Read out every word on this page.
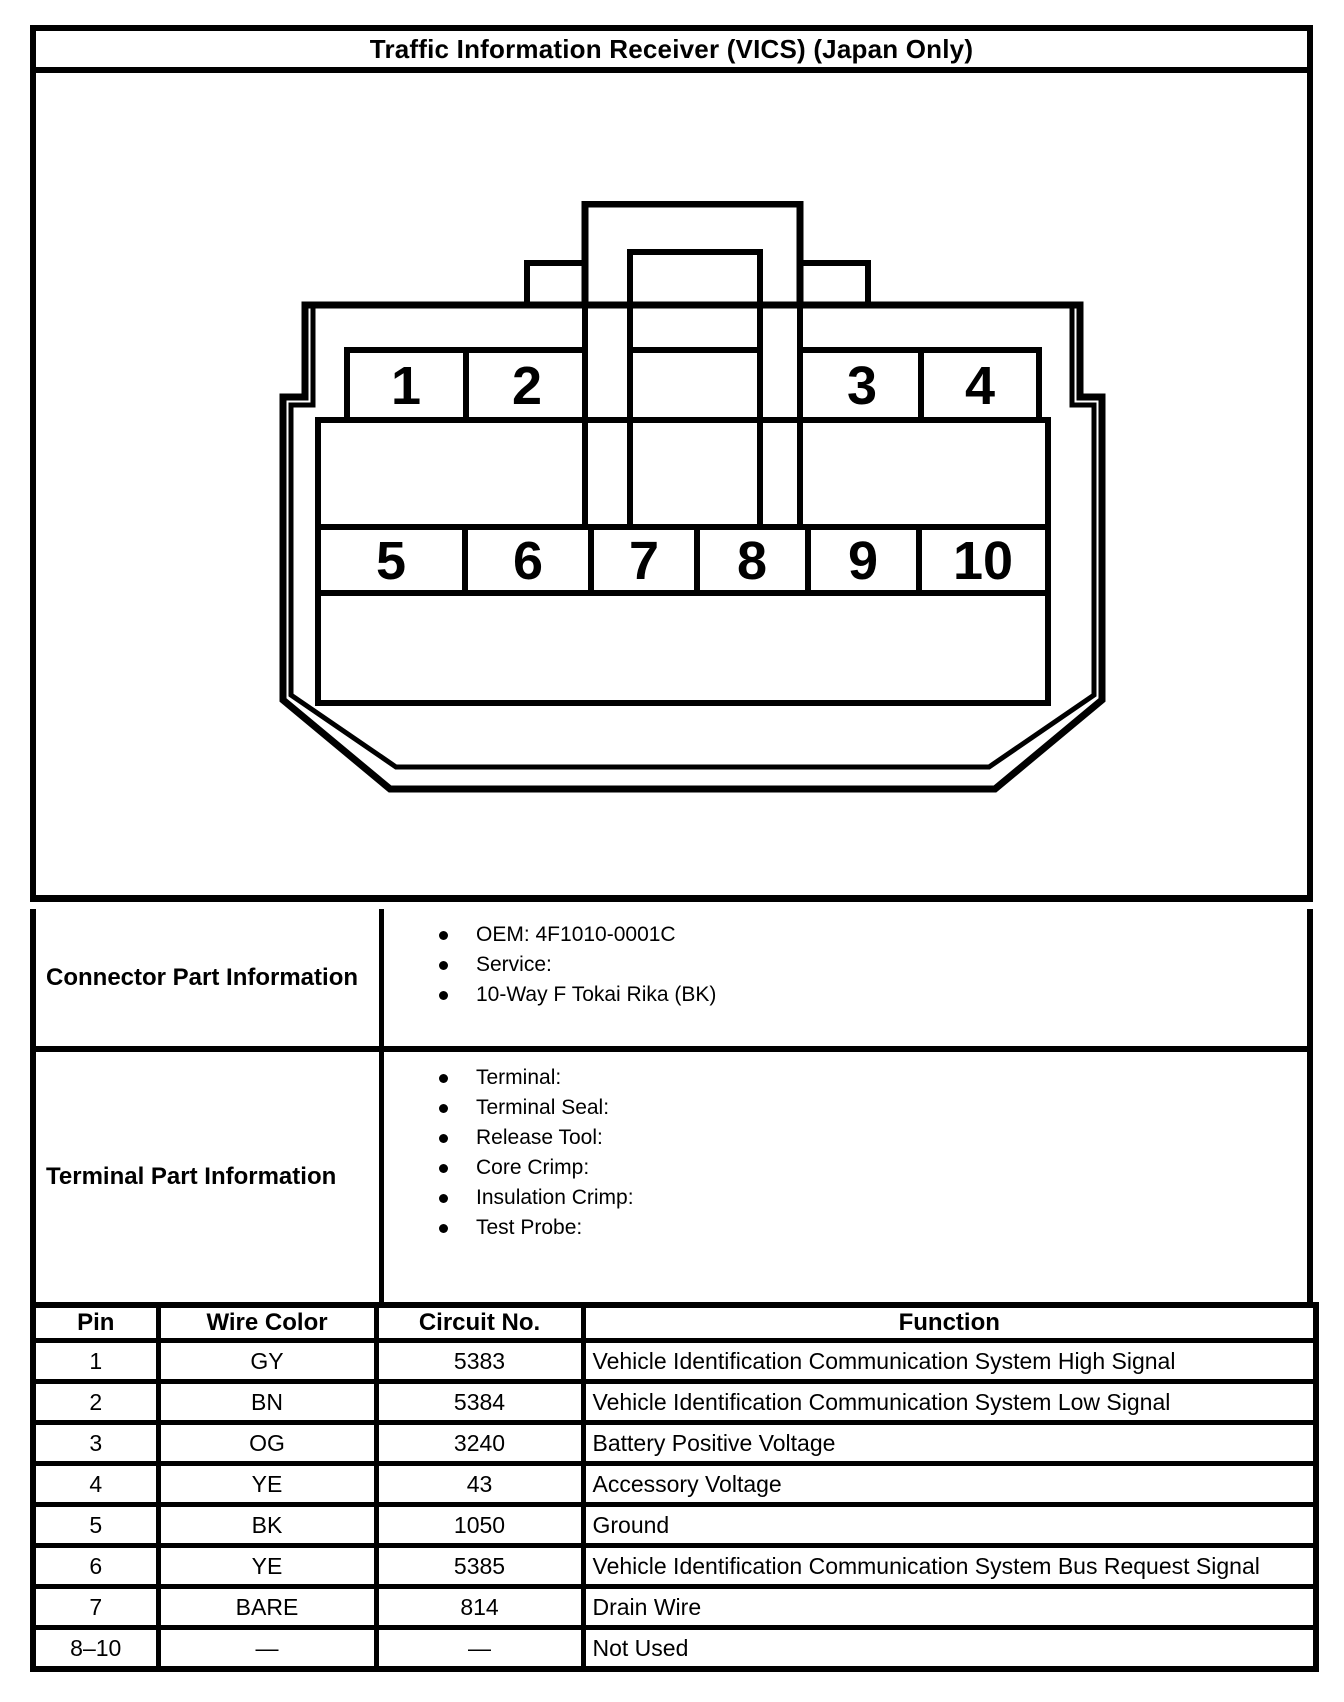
Traffic Information Receiver (VICS) (Japan Only)
1 2	3 4
5 6 7 8 9 10
Connector Part Information
OEM: 4F1010-0001C
Service:
10-Way F Tokai Rika (BK)
Terminal Part Information
Terminal:
Terminal Seal:
Release Tool:
Core Crimp:
Insulation Crimp:
Test Probe:
Pin	Wire Color	Circuit No.	Function
1	GY	5383	Vehicle Identification Communication System High Signal
2	BN	5384	Vehicle Identification Communication System Low Signal
3	OG	3240	Battery Positive Voltage
4	YE	43	Accessory Voltage
5	BK	1050	Ground
6	YE	5385	Vehicle Identification Communication System Bus Request Signal
7	BARE	814	Drain Wire
8–10	—	—	Not Used
